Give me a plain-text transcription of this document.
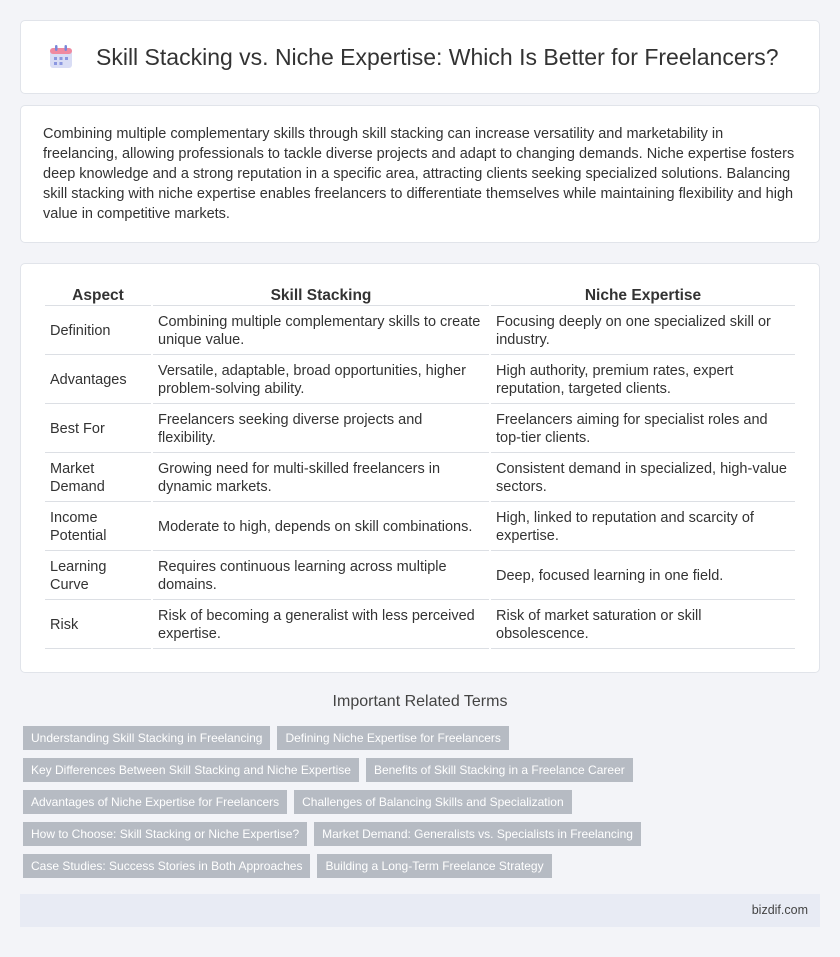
Skill Stacking vs. Niche Expertise: Which Is Better for Freelancers?

Combining multiple complementary skills through skill stacking can increase versatility and marketability in freelancing, allowing professionals to tackle diverse projects and adapt to changing demands. Niche expertise fosters deep knowledge and a strong reputation in a specific area, attracting clients seeking specialized solutions. Balancing skill stacking with niche expertise enables freelancers to differentiate themselves while maintaining flexibility and high value in competitive markets.

Aspect	Skill Stacking	Niche Expertise
Definition	Combining multiple complementary skills to create unique value.	Focusing deeply on one specialized skill or industry.
Advantages	Versatile, adaptable, broad opportunities, higher problem-solving ability.	High authority, premium rates, expert reputation, targeted clients.
Best For	Freelancers seeking diverse projects and flexibility.	Freelancers aiming for specialist roles and top-tier clients.
Market Demand	Growing need for multi-skilled freelancers in dynamic markets.	Consistent demand in specialized, high-value sectors.
Income Potential	Moderate to high, depends on skill combinations.	High, linked to reputation and scarcity of expertise.
Learning Curve	Requires continuous learning across multiple domains.	Deep, focused learning in one field.
Risk	Risk of becoming a generalist with less perceived expertise.	Risk of market saturation or skill obsolescence.
Important Related Terms
Understanding Skill Stacking in Freelancing	Defining Niche Expertise for Freelancers
Key Differences Between Skill Stacking and Niche Expertise	Benefits of Skill Stacking in a Freelance Career
Advantages of Niche Expertise for Freelancers	Challenges of Balancing Skills and Specialization
How to Choose: Skill Stacking or Niche Expertise?	Market Demand: Generalists vs. Specialists in Freelancing
Case Studies: Success Stories in Both Approaches	Building a Long-Term Freelance Strategy
bizdif.com
